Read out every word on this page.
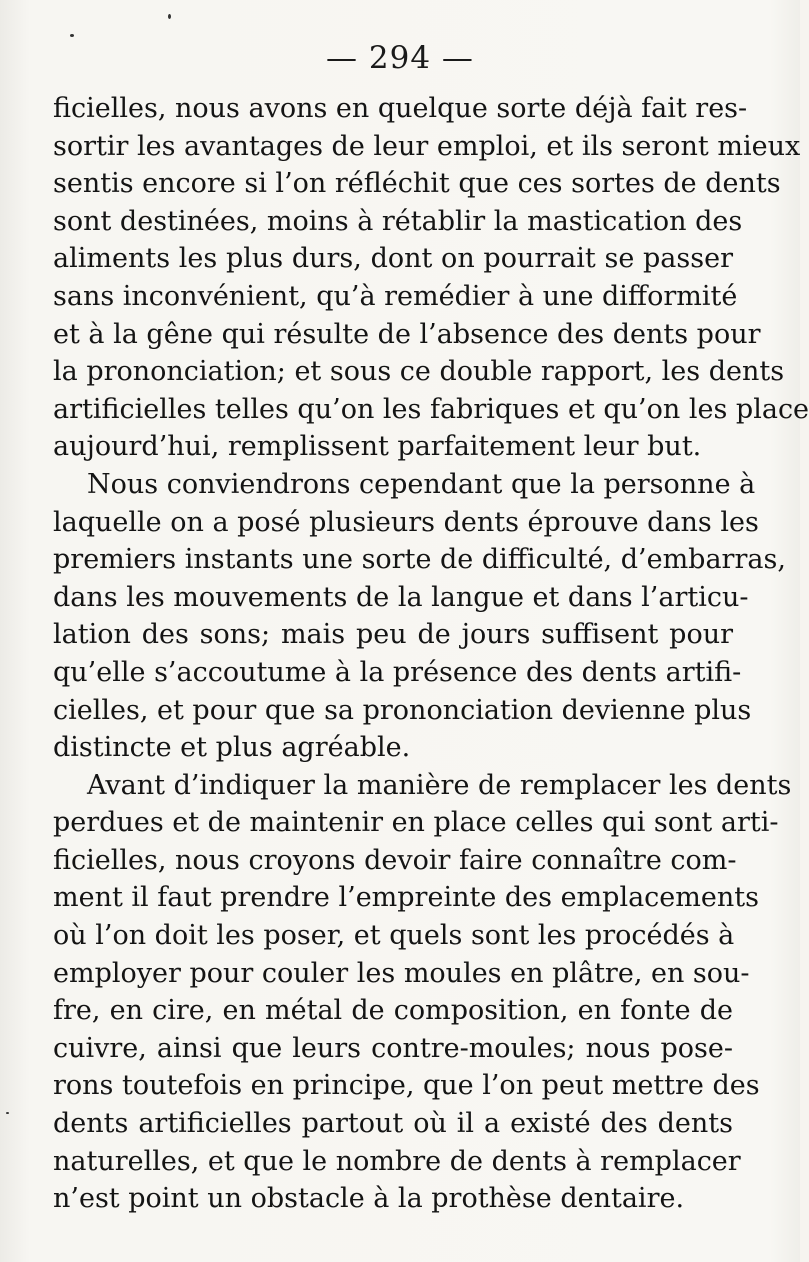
— 294 —
ficielles, nous avons en quelque sorte déjà fait res-
sortir les avantages de leur emploi, et ils seront mieux
sentis encore si l’on réfléchit que ces sortes de dents
sont destinées, moins à rétablir la mastication des
aliments les plus durs, dont on pourrait se passer
sans inconvénient, qu’à remédier à une difformité
et à la gêne qui résulte de l’absence des dents pour
la prononciation; et sous ce double rapport, les dents
artificielles telles qu’on les fabriques et qu’on les place
aujourd’hui, remplissent parfaitement leur but.
Nous conviendrons cependant que la personne à
laquelle on a posé plusieurs dents éprouve dans les
premiers instants une sorte de difficulté, d’embarras,
dans les mouvements de la langue et dans l’articu-
lation des sons; mais peu de jours suffisent pour
qu’elle s’accoutume à la présence des dents artifi-
cielles, et pour que sa prononciation devienne plus
distincte et plus agréable.
Avant d’indiquer la manière de remplacer les dents
perdues et de maintenir en place celles qui sont arti-
ficielles, nous croyons devoir faire connaître com-
ment il faut prendre l’empreinte des emplacements
où l’on doit les poser, et quels sont les procédés à
employer pour couler les moules en plâtre, en sou-
fre, en cire, en métal de composition, en fonte de
cuivre, ainsi que leurs contre-moules; nous pose-
rons toutefois en principe, que l’on peut mettre des
dents artificielles partout où il a existé des dents
naturelles, et que le nombre de dents à remplacer
n’est point un obstacle à la prothèse dentaire.
